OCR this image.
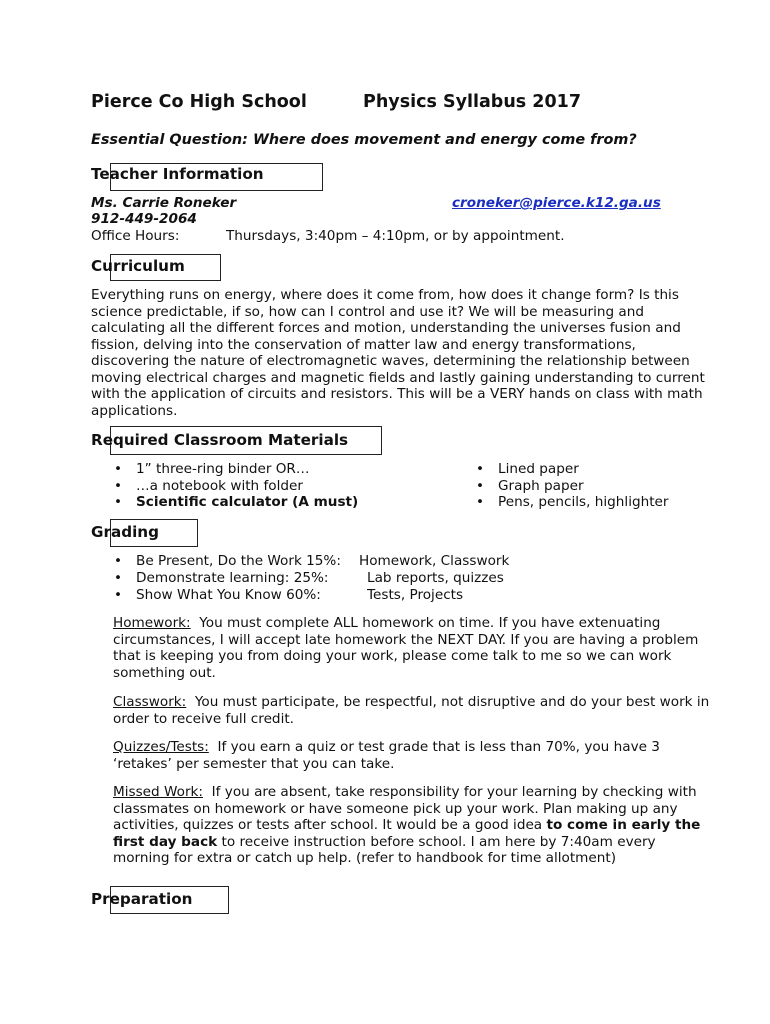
Pierce Co High School	Physics Syllabus 2017
Essential Question: Where does movement and energy come from?
Teacher Information
Ms. Carrie Roneker	croneker@pierce.k12.ga.us
912-449-2064
Office Hours:	Thursdays, 3:40pm – 4:10pm, or by appointment.
Curriculum
Everything runs on energy, where does it come from, how does it change form? Is this
science predictable, if so, how can I control and use it? We will be measuring and
calculating all the different forces and motion, understanding the universes fusion and
fission, delving into the conservation of matter law and energy transformations,
discovering the nature of electromagnetic waves, determining the relationship between
moving electrical charges and magnetic fields and lastly gaining understanding to current
with the application of circuits and resistors. This will be a VERY hands on class with math
applications.
Required Classroom Materials
• 1” three-ring binder OR…
• …a notebook with folder
• Scientific calculator (A must)
• Lined paper
• Graph paper
• Pens, pencils, highlighter
Grading
• Be Present, Do the Work 15%: Homework, Classwork
• Demonstrate learning: 25%:	Lab reports, quizzes
• Show What You Know 60%:	Tests, Projects
Homework: You must complete ALL homework on time. If you have extenuating
circumstances, I will accept late homework the NEXT DAY. If you are having a problem
that is keeping you from doing your work, please come talk to me so we can work
something out.
Classwork: You must participate, be respectful, not disruptive and do your best work in
order to receive full credit.
Quizzes/Tests: If you earn a quiz or test grade that is less than 70%, you have 3
‘retakes’ per semester that you can take.
Missed Work: If you are absent, take responsibility for your learning by checking with
classmates on homework or have someone pick up your work. Plan making up any
activities, quizzes or tests after school. It would be a good idea to come in early the
first day back to receive instruction before school. I am here by 7:40am every
morning for extra or catch up help. (refer to handbook for time allotment)
Preparation
